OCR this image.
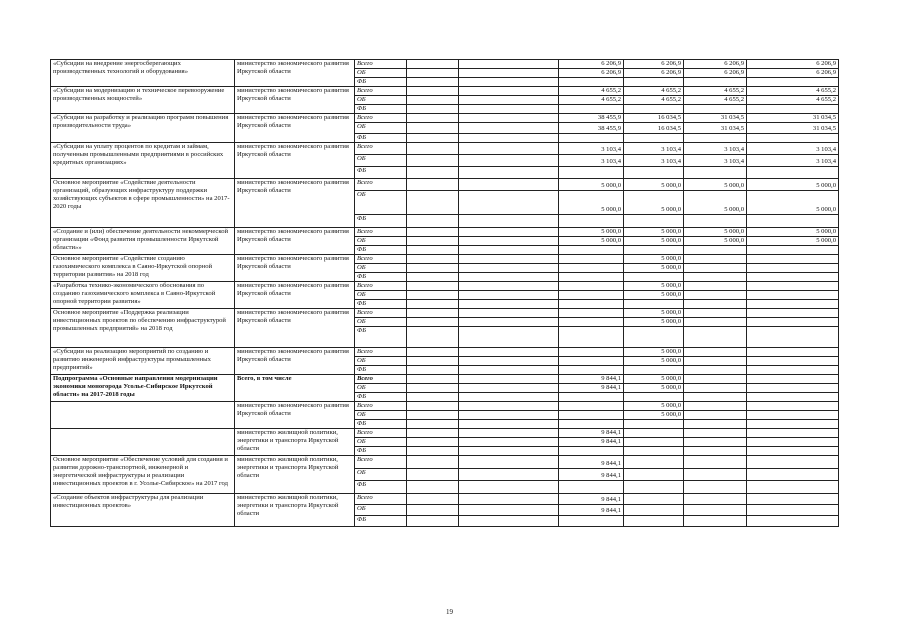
«Субсидии на внедрение энергосберегающих производственных технологий и оборудования»	министерство экономического развития Иркутской области	Всего			6 206,9	6 206,9	6 206,9	6 206,9
		ОБ			6 206,9	6 206,9	6 206,9	6 206,9
		ФБ						
«Субсидии на модернизацию и техническое перевооружение производственных мощностей»	министерство экономического развития Иркутской области	Всего			4 655,2	4 655,2	4 655,2	4 655,2
		ОБ			4 655,2	4 655,2	4 655,2	4 655,2
		ФБ						
«Субсидии на разработку и реализацию программ повышения производительности труда»	министерство экономического развития Иркутской области	Всего			38 455,9	16 034,5	31 034,5	31 034,5
		ОБ			38 455,9	16 034,5	31 034,5	31 034,5
		ФБ						
«Субсидии на уплату процентов по кредитам и займам, полученным промышленными предприятиями в российских кредитных организациях»	министерство экономического развития Иркутской области	Всего			3 103,4	3 103,4	3 103,4	3 103,4
		ОБ			3 103,4	3 103,4	3 103,4	3 103,4
		ФБ						
Основное мероприятие «Содействие деятельности организаций, образующих инфраструктуру поддержки хозяйствующих субъектов в сфере промышленности» на 2017-2020 годы	министерство экономического развития Иркутской области	Всего			5 000,0	5 000,0	5 000,0	5 000,0
		ОБ			5 000,0	5 000,0	5 000,0	5 000,0
		ФБ						
«Создание и (или) обеспечение деятельности некоммерческой организации «Фонд развития промышленности Иркутской области»»	министерство экономического развития Иркутской области	Всего			5 000,0	5 000,0	5 000,0	5 000,0
		ОБ			5 000,0	5 000,0	5 000,0	5 000,0
		ФБ						
Основное мероприятие «Содействие созданию газохимического комплекса в Саяно-Иркутской опорной территории развития» на 2018 год	министерство экономического развития Иркутской области	Всего				5 000,0		
		ОБ				5 000,0		
		ФБ						
«Разработка технико-экономического обоснования по созданию газохимического комплекса в Саяно-Иркутской опорной территории развития»	министерство экономического развития Иркутской области	Всего				5 000,0		
		ОБ				5 000,0		
		ФБ						
Основное мероприятие «Поддержка реализации инвестиционных проектов по обеспечению инфраструктурой промышленных предприятий» на 2018 год	министерство экономического развития Иркутской области	Всего				5 000,0		
		ОБ				5 000,0		
		ФБ						
«Субсидии на реализацию мероприятий по созданию и развитию инженерной инфраструктуры промышленных предприятий»	министерство экономического развития Иркутской области	Всего				5 000,0		
		ОБ				5 000,0		
		ФБ						
Подпрограмма «Основные направления модернизации экономики моногорода Усолье-Сибирское Иркутской области» на 2017-2018 годы	Всего, в том числе	Всего			9 844,1	5 000,0		
		ОБ			9 844,1	5 000,0		
		ФБ						
	министерство экономического развития Иркутской области	Всего				5 000,0		
		ОБ				5 000,0		
		ФБ						
	министерство жилищной политики, энергетики и транспорта Иркутской области	Всего			9 844,1			
		ОБ			9 844,1			
		ФБ						
Основное мероприятие «Обеспечение условий для создания и развития дорожно-транспортной, инженерной и энергетической инфраструктуры и реализации инвестиционных проектов в г. Усолье-Сибирское» на 2017 год	министерство жилищной политики, энергетики и транспорта Иркутской области	Всего			9 844,1			
		ОБ			9 844,1			
		ФБ						
«Создание объектов инфраструктуры для реализации инвестиционных проектов»	министерство жилищной политики, энергетики и транспорта Иркутской области	Всего			9 844,1			
		ОБ			9 844,1			
		ФБ						
19
